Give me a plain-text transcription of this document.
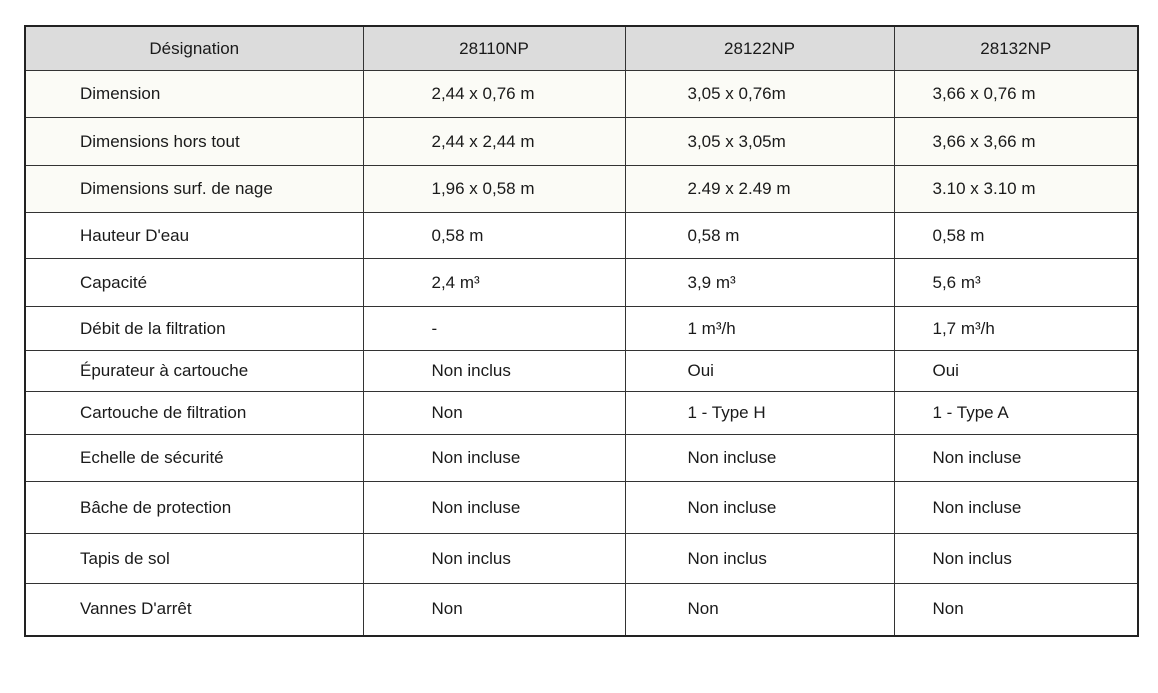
Désignation	28110NP	28122NP	28132NP
Dimension	2,44 x 0,76 m	3,05 x 0,76m	3,66 x 0,76 m
Dimensions hors tout	2,44 x 2,44 m	3,05 x 3,05m	3,66 x 3,66 m
Dimensions surf. de nage	1,96 x 0,58 m	2.49 x 2.49 m	3.10 x 3.10 m
Hauteur D'eau	0,58 m	0,58 m	0,58 m
Capacité	2,4 m³	3,9 m³	5,6 m³
Débit de la filtration	-	1 m³/h	1,7 m³/h
Épurateur à cartouche	Non inclus	Oui	Oui
Cartouche de filtration	Non	1 - Type H	1 - Type A
Echelle de sécurité	Non incluse	Non incluse	Non incluse
Bâche de protection	Non incluse	Non incluse	Non incluse
Tapis de sol	Non inclus	Non inclus	Non inclus
Vannes D'arrêt	Non	Non	Non
